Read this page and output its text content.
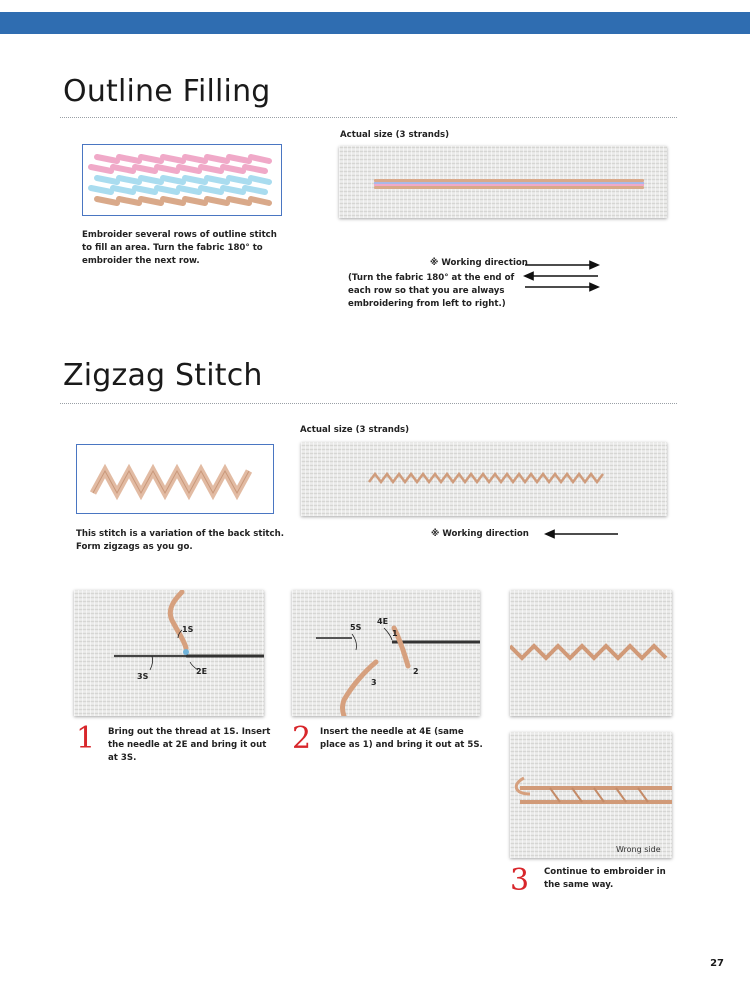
Outline Filling
Embroider several rows of outline stitch to fill an area. Turn the fabric 180° to embroider the next row.
Actual size (3 strands)
※ Working direction
(Turn the fabric 180° at the end of each row so that you are always embroidering from left to right.)
Zigzag Stitch
This stitch is a variation of the back stitch. Form zigzags as you go.
Actual size (3 strands)
※ Working direction
1S
2E
3S
1 Bring out the thread at 1S. Insert the needle at 2E and bring it out at 3S.
5S
4E
1
2
3
2 Insert the needle at 4E (same place as 1) and bring it out at 5S.
Wrong side
3 Continue to embroider in the same way.
27
